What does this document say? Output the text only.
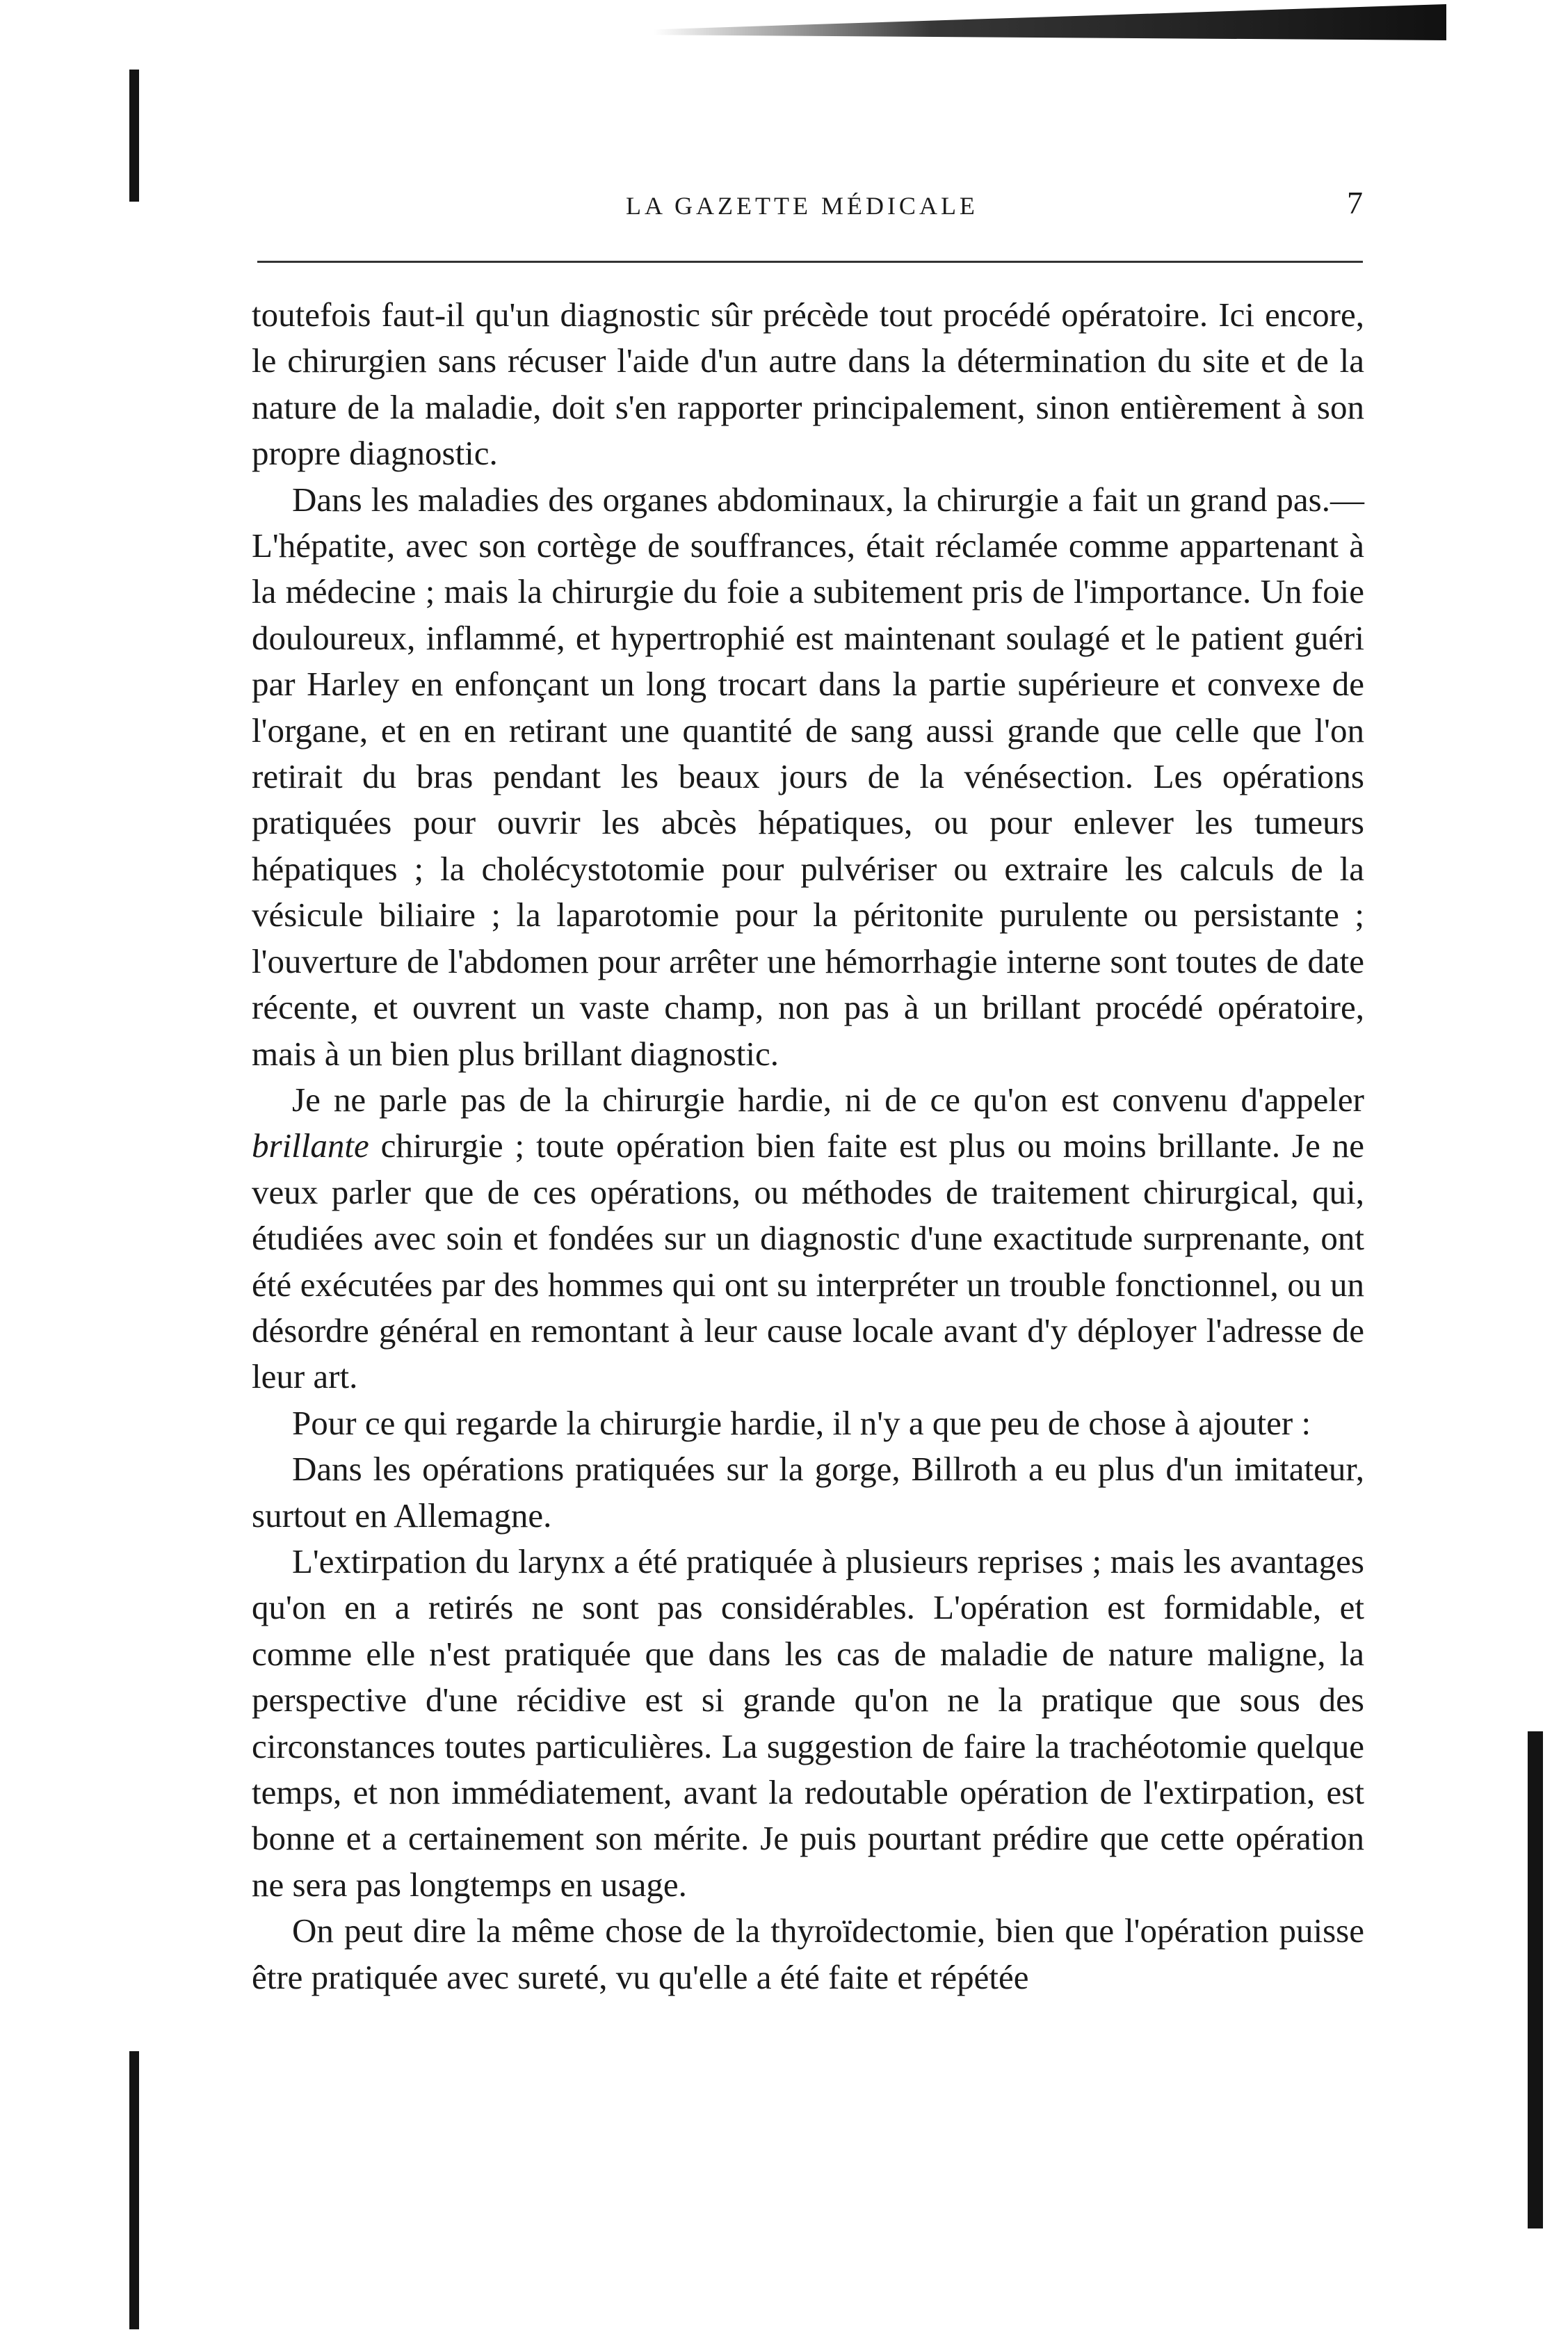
LA GAZETTE MÉDICALE	7

toutefois faut-il qu'un diagnostic sûr précède tout procédé opératoire. Ici encore, le chirurgien sans récuser l'aide d'un autre dans la détermination du site et de la nature de la maladie, doit s'en rapporter principalement, sinon entièrement à son propre diagnostic.

Dans les maladies des organes abdominaux, la chirurgie a fait un grand pas.—L'hépatite, avec son cortège de souffrances, était réclamée comme appartenant à la médecine ; mais la chirurgie du foie a subitement pris de l'importance. Un foie douloureux, inflammé, et hypertrophié est maintenant soulagé et le patient guéri par Harley en enfonçant un long trocart dans la partie supérieure et convexe de l'organe, et en en retirant une quantité de sang aussi grande que celle que l'on retirait du bras pendant les beaux jours de la vénésection. Les opérations pratiquées pour ouvrir les abcès hépatiques, ou pour enlever les tumeurs hépatiques ; la cholécystotomie pour pulvériser ou extraire les calculs de la vésicule biliaire ; la laparotomie pour la péritonite purulente ou persistante ; l'ouverture de l'abdomen pour arrêter une hémorrhagie interne sont toutes de date récente, et ouvrent un vaste champ, non pas à un brillant procédé opératoire, mais à un bien plus brillant diagnostic.

Je ne parle pas de la chirurgie hardie, ni de ce qu'on est convenu d'appeler brillante chirurgie ; toute opération bien faite est plus ou moins brillante. Je ne veux parler que de ces opérations, ou méthodes de traitement chirurgical, qui, étudiées avec soin et fondées sur un diagnostic d'une exactitude surprenante, ont été exécutées par des hommes qui ont su interpréter un trouble fonctionnel, ou un désordre général en remontant à leur cause locale avant d'y déployer l'adresse de leur art.

Pour ce qui regarde la chirurgie hardie, il n'y a que peu de chose à ajouter :

Dans les opérations pratiquées sur la gorge, Billroth a eu plus d'un imitateur, surtout en Allemagne.

L'extirpation du larynx a été pratiquée à plusieurs reprises ; mais les avantages qu'on en a retirés ne sont pas considérables. L'opération est formidable, et comme elle n'est pratiquée que dans les cas de maladie de nature maligne, la perspective d'une récidive est si grande qu'on ne la pratique que sous des circonstances toutes particulières. La suggestion de faire la trachéotomie quelque temps, et non immédiatement, avant la redoutable opération de l'extirpation, est bonne et a certainement son mérite. Je puis pourtant prédire que cette opération ne sera pas longtemps en usage.

On peut dire la même chose de la thyroïdectomie, bien que l'opération puisse être pratiquée avec sureté, vu qu'elle a été faite et répétée
